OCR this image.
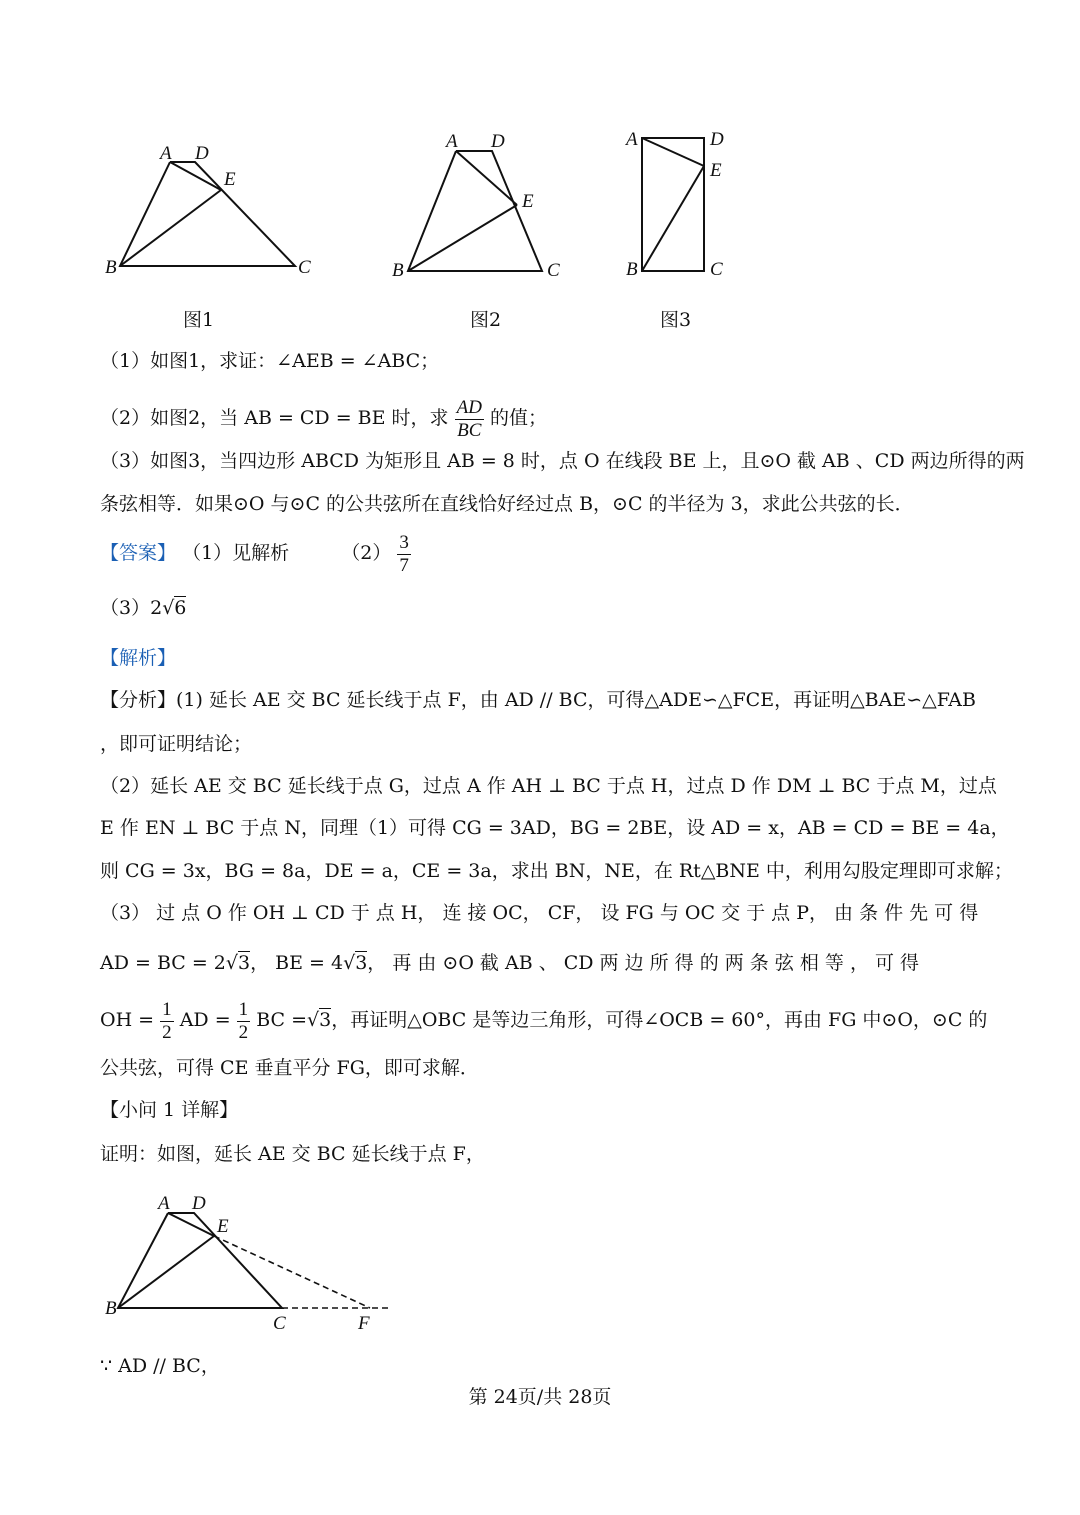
A D
E
B	C
图1
A D
E
B	C
图2
A	D
E
B	C
图3
（1）如图1，求证：∠AEB = ∠ABC；
（2）如图2，当 AB = CD = BE 时，求 $\frac{AD}{BC}$ 的值；
（3）如图3，当四边形 ABCD 为矩形且 AB = 8 时，点 O 在线段 BE 上，且⊙O 截 AB 、CD 两边所得的两
条弦相等．如果⊙O 与⊙C 的公共弦所在直线恰好经过点 B，⊙C 的半径为 3，求此公共弦的长．
【答案】 （1）见解析	$(2) \frac{3}{7}$
（3）2√6
【解析】
【分析】(1) 延长 AE 交 BC 延长线于点 F，由 AD // BC，可得△ADE∽△FCE，再证明△BAE∽△FAB
，即可证明结论；
（2）延长 AE 交 BC 延长线于点 G，过点 A 作 AH ⊥ BC 于点 H，过点 D 作 DM ⊥ BC 于点 M，过点
E 作 EN ⊥ BC 于点 N，同理（1）可得 CG = 3AD，BG = 2BE，设 AD = x，AB = CD = BE = 4a，
则 CG = 3x，BG = 8a，DE = a，CE = 3a，求出 BN，NE，在 Rt△BNE 中，利用勾股定理即可求解；
（3） 过 点 O 作 OH ⊥ CD 于 点 H， 连 接 OC， CF， 设 FG 与 OC 交 于 点 P， 由 条 件 先 可 得
AD = BC = 2√3， BE = 4√3， 再 由 ⊙O 截 AB 、 CD 两 边 所 得 的 两 条 弦 相 等 ， 可 得
OH = $\frac{1}{2}$ AD = $\frac{1}{2}$ BC =√3，再证明△OBC 是等边三角形，可得∠OCB = 60°，再由 FG 中⊙O，⊙C 的
公共弦，可得 CE 垂直平分 FG，即可求解．
【小问 1 详解】
证明：如图，延长 AE 交 BC 延长线于点 F，
A D
E
B
C	F
∵ AD // BC，
第 24页/共 28页
